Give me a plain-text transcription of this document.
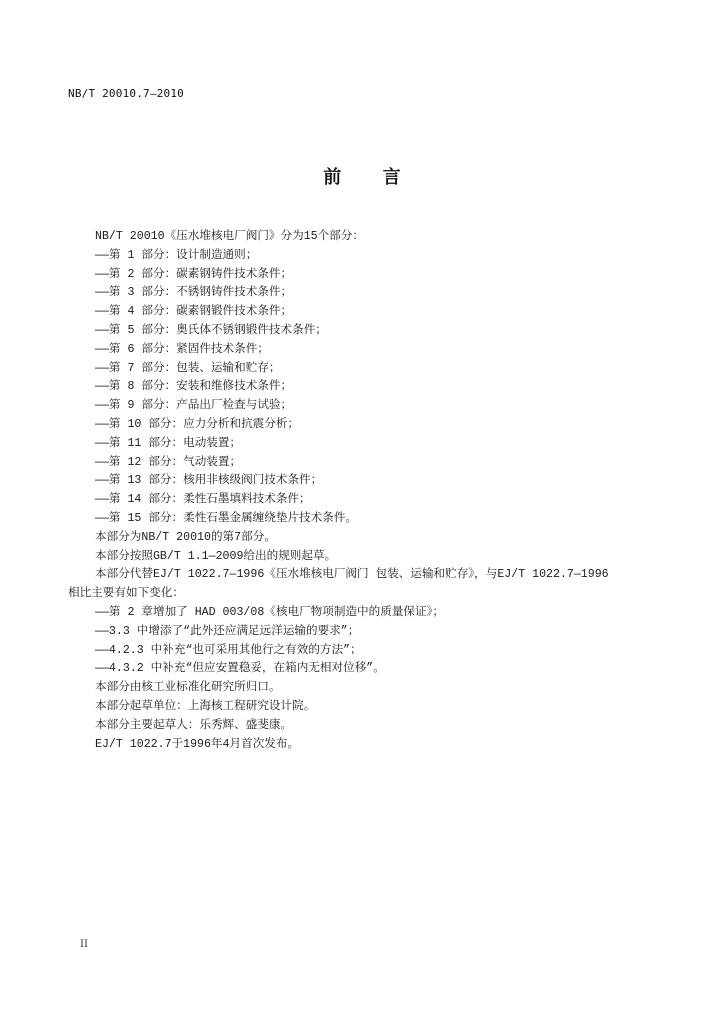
NB/T 20010.7—2010
前言
NB/T 20010《压水堆核电厂阀门》分为15个部分：
——第 1 部分：设计制造通则；
——第 2 部分：碳素钢铸件技术条件；
——第 3 部分：不锈钢铸件技术条件；
——第 4 部分：碳素钢锻件技术条件；
——第 5 部分：奥氏体不锈钢锻件技术条件；
——第 6 部分：紧固件技术条件；
——第 7 部分：包装、运输和贮存；
——第 8 部分：安装和维修技术条件；
——第 9 部分：产品出厂检查与试验；
——第 10 部分：应力分析和抗震分析；
——第 11 部分：电动装置；
——第 12 部分：气动装置；
——第 13 部分：核用非核级阀门技术条件；
——第 14 部分：柔性石墨填料技术条件；
——第 15 部分：柔性石墨金属缠绕垫片技术条件。
本部分为NB/T 20010的第7部分。
本部分按照GB/T 1.1—2009给出的规则起草。
本部分代替EJ/T 1022.7—1996《压水堆核电厂阀门 包装、运输和贮存》，与EJ/T 1022.7—1996
相比主要有如下变化：
——第 2 章增加了 HAD 003/08《核电厂物项制造中的质量保证》；
——3.3 中增添了“此外还应满足远洋运输的要求”；
——4.2.3 中补充“也可采用其他行之有效的方法”；
——4.3.2 中补充“但应安置稳妥，在箱内无相对位移”。
本部分由核工业标准化研究所归口。
本部分起草单位：上海核工程研究设计院。
本部分主要起草人：乐秀辉、盛斐康。
EJ/T 1022.7于1996年4月首次发布。
II
